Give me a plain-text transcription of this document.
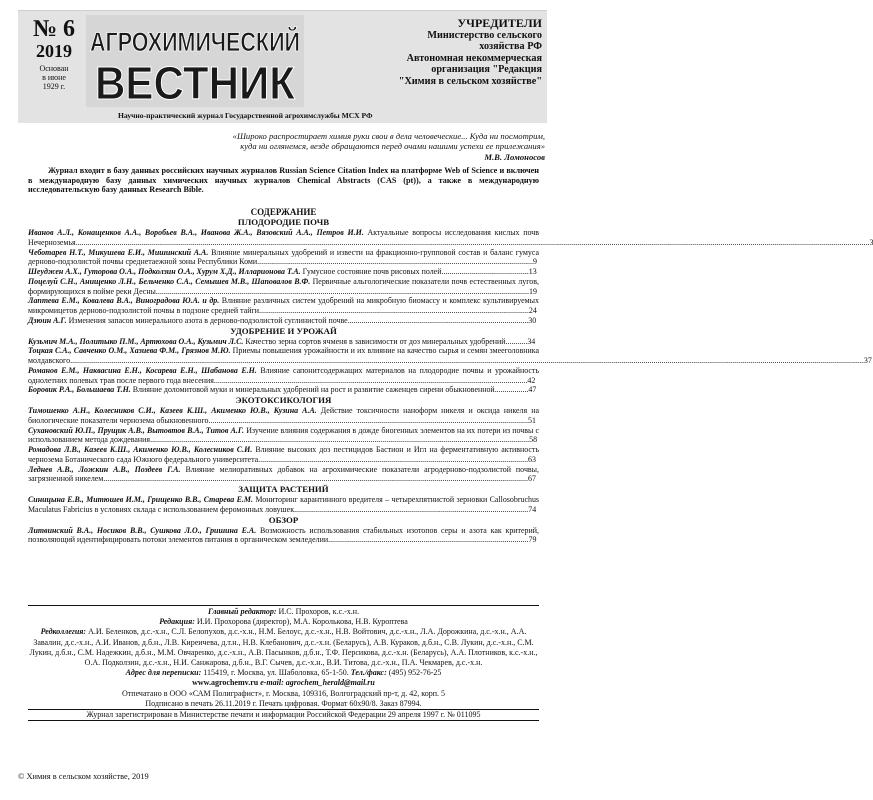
№ 6
2019
Основан
в июне
1929 г.
АГРОХИМИЧЕСКИЙ
ВЕСТНИК
УЧРЕДИТЕЛИ
Министерство сельского
хозяйства РФ
Автономная некоммерческая
организация "Редакция
"Химия в сельском хозяйстве"
Научно-практический журнал Государственной агрохимслужбы МСХ РФ
«Широко распростирает химия руки свои в дела человеческие... Куда ни посмотрим,
куда ни оглянемся, везде обращаются перед очами нашими успехи ее прилежания»
М.В. Ломоносов
Журнал входит в базу данных российских научных журналов Russian Science Citation Index на платформе Web of Science и включен в международную базу данных химических научных журналов Chemical Abstracts (CAS (pt)), а также в международную исследовательскую базу данных Research Bible.
СОДЕРЖАНИЕ
ПЛОДОРОДИЕ ПОЧВ
Иванов А.Л., Конащенков А.А., Воробьев В.А., Иванова Ж.А., Вязовский А.А., Петров И.И. Актуальные вопросы исследования кислых почв Нечерноземья................................................................................................................................................................................................................................................................................................................................................................................................................3
Чеботарев Н.Т., Микушева Е.И., Мишинский А.А. Влияние минеральных удобрений и извести на фракционно-групповой состав и баланс гумуса дерново-подзолистой почвы среднетаежной зоны Республики Коми...........................................................................................................................................9
Шеуджен А.Х., Гуторова О.А., Подколзин О.А., Хурум Х.Д., Илларионова Т.А. Гумусное состояние почв рисовых полей............................................13
Поцелуй С.Н., Анищенко Л.Н., Бельченко С.А., Семышев М.В., Шаповалов В.Ф. Первичные альгологические показатели почв естественных лугов, формирующихся в пойме реки Десны............................................................................................................................................................................................19
Лаптева Е.М., Ковалева В.А., Виноградова Ю.А. и др. Влияние различных систем удобрений на микробную биомассу и комплекс культивируемых микромицетов дерново-подзолистой почвы в подзоне средней тайги........................................................................................................................................24
Дзюин А.Г. Изменения запасов минерального азота в дерново-подзолистой суглинистой почве...........................................................................................30
УДОБРЕНИЕ И УРОЖАЙ
Кузьмич М.А., Политыко П.М., Артюхова О.А., Кузьмич Л.С. Качество зерна сортов ячменя в зависимости от доз минеральных удобрений...........34
Тоцкая С.А., Савченко О.М., Хазиева Ф.М., Грязнов М.Ю. Приемы повышения урожайности и их влияние на качество сырья и семян змееголовника молдавского................................................................................................................................................................................................................................................................................................................................................................................................................37
Романов Е.М., Наквасина Е.Н., Косарева Е.Н., Шабанова Е.Н. Влияние сапонитсодержащих материалов на плодородие почвы и урожайность однолетних полевых трав после первого года внесения..............................................................................................................................................................42
Боровик Р.А., Большаева Т.Н. Влияние доломитовой муки и минеральных удобрений на рост и развитие саженцев сирени обыкновенной.................47
ЭКОТОКСИКОЛОГИЯ
Тимошенко А.Н., Колесников С.И., Казеев К.Ш., Акименко Ю.В., Кузина А.А. Действие токсичности нанoформ никеля и оксида никеля на биологические показатели чернозема обыкновенного.................................................................................................................................................................51
Сухановский Ю.П., Прущик А.В., Вытовтов В.А., Титов А.Г. Изучение влияния содержания в дожде биогенных элементов на их потери из почвы с использованием метода дождевания...............................................................................................................................................................................................58
Ромадова Л.В., Казеев К.Ш., Акименко Ю.В., Колесников С.И. Влияние высоких доз пестицидов Бастион и Игл на ферментативную активность чернозема Ботанического сада Южного федерального университета........................................................................................................................................63
Леднев А.В., Ложкин А.В., Поздеев Г.А. Влияние мелиоративных добавок на агрохимические показатели агродерново-подзолистой почвы, загрязненной никелем......................................................................................................................................................................................................................67
ЗАЩИТА РАСТЕНИЙ
Синицына Е.В., Митюшев И.М., Грищенко В.В., Старева Е.М. Мониторинг карантинного вредителя – четырехпятнистой зерновки Callosobruchus Maculatus Fabricius в условиях склада с использованием феромонных ловушек......................................................................................................................74
ОБЗОР
Литвинский В.А., Носиков В.В., Сушкова Л.О., Гришина Е.А. Возможность использования стабильных изотопов серы и азота как критерий, позволяющий идентифицировать потоки элементов питания в органическом земледелии.....................................................................................................79
Главный редактор: И.С. Прохоров, к.с.-х.н.
Редакция: И.И. Прохорова (директор), М.А. Королькова, Н.В. Куроптева
Редколлегия: А.И. Беленков, д.с.-х.н., С.Л. Белопухов, д.с.-х.н., Н.М. Белоус, д.с.-х.н., Н.В. Войтович, д.с.-х.н., Л.А. Дорожкина, д.с.-х.н., А.А. Завалин, д.с.-х.н., А.И. Иванов, д.б.н., Л.В. Киреичева, д.т.н., Н.В. Клебанович, д.с.-х.н. (Беларусь), А.В. Кураков, д.б.н., С.В. Лукин, д.с.-х.н., С.М. Лукин, д.б.н., С.М. Надежкин, д.б.н., М.М. Овчаренко, д.с.-х.н., А.В. Пасынков, д.б.н., Т.Ф. Персикова, д.с.-х.н. (Беларусь), А.А. Плотников, к.с.-х.н., О.А. Подколзин, д.с.-х.н., Н.И. Санжарова, д.б.н., В.Г. Сычев, д.с.-х.н., В.И. Титова, д.с.-х.н., П.А. Чекмарев, д.с.-х.н.
Адрес для переписки: 115419, г. Москва, ул. Шаболовка, 65-1-50. Тел./факс: (495) 952-76-25
www.agrochemv.ru e-mail: agrochem_herald@mail.ru
Отпечатано в ООО «САМ Полиграфист», г. Москва, 109316, Волгоградский пр-т, д. 42, корп. 5
Подписано в печать 26.11.2019 г. Печать цифровая. Формат 60х90/8. Заказ 87994.
Журнал зарегистрирован в Министерстве печати и информации Российской Федерации 29 апреля 1997 г. № 011095
© Химия в сельском хозяйстве, 2019
